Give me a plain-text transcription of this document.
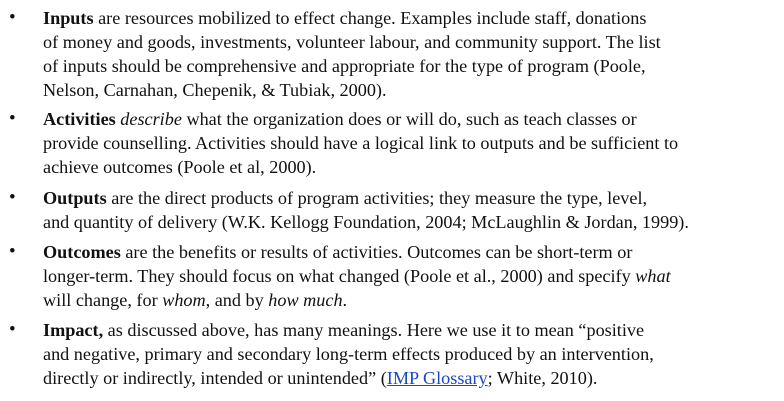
• Inputs are resources mobilized to effect change. Examples include staff, donations
of money and goods, investments, volunteer labour, and community support. The list
of inputs should be comprehensive and appropriate for the type of program (Poole,
Nelson, Carnahan, Chepenik, & Tubiak, 2000).
• Activities describe what the organization does or will do, such as teach classes or
provide counselling. Activities should have a logical link to outputs and be sufficient to
achieve outcomes (Poole et al, 2000).
• Outputs are the direct products of program activities; they measure the type, level,
and quantity of delivery (W.K. Kellogg Foundation, 2004; McLaughlin & Jordan, 1999).
• Outcomes are the benefits or results of activities. Outcomes can be short-term or
longer-term. They should focus on what changed (Poole et al., 2000) and specify what
will change, for whom, and by how much.
• Impact, as discussed above, has many meanings. Here we use it to mean “positive
and negative, primary and secondary long-term effects produced by an intervention,
directly or indirectly, intended or unintended” (IMP Glossary; White, 2010).
